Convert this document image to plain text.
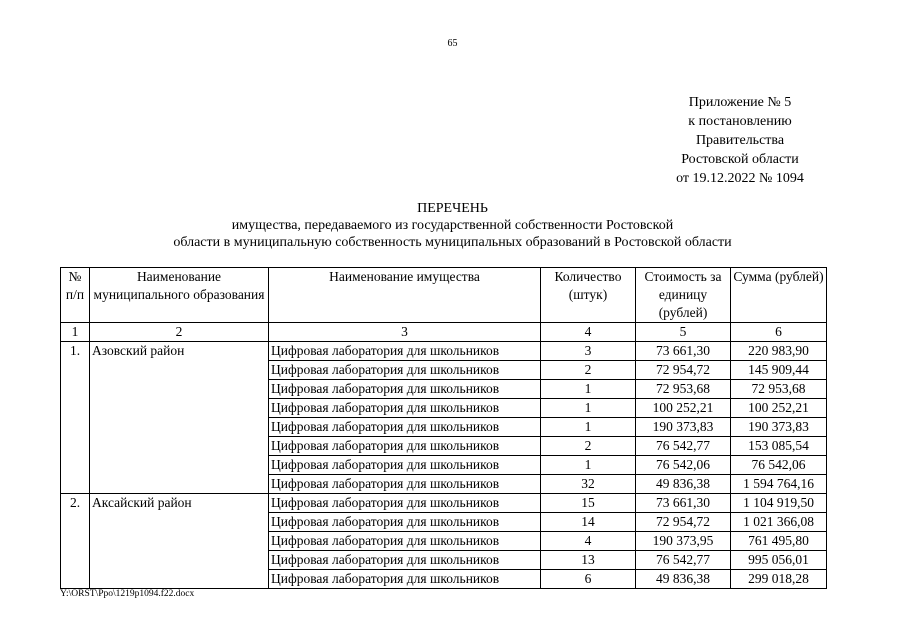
65
Приложение № 5
к постановлению
Правительства
Ростовской области
от 19.12.2022 № 1094
ПЕРЕЧЕНЬ
имущества, передаваемого из государственной собственности Ростовской
области в муниципальную собственность муниципальных образований в Ростовской области
№ п/п	Наименование муниципального образования	Наименование имущества	Количество (штук)	Стоимость за единицу (рублей)	Сумма (рублей)
1	2	3	4	5	6
1.	Азовский район	Цифровая лаборатория для школьников	3	73 661,30	220 983,90
		Цифровая лаборатория для школьников	2	72 954,72	145 909,44
		Цифровая лаборатория для школьников	1	72 953,68	72 953,68
		Цифровая лаборатория для школьников	1	100 252,21	100 252,21
		Цифровая лаборатория для школьников	1	190 373,83	190 373,83
		Цифровая лаборатория для школьников	2	76 542,77	153 085,54
		Цифровая лаборатория для школьников	1	76 542,06	76 542,06
		Цифровая лаборатория для школьников	32	49 836,38	1 594 764,16
2.	Аксайский район	Цифровая лаборатория для школьников	15	73 661,30	1 104 919,50
		Цифровая лаборатория для школьников	14	72 954,72	1 021 366,08
		Цифровая лаборатория для школьников	4	190 373,95	761 495,80
		Цифровая лаборатория для школьников	13	76 542,77	995 056,01
		Цифровая лаборатория для школьников	6	49 836,38	299 018,28
Y:\ORST\Ppo\1219p1094.f22.docx
